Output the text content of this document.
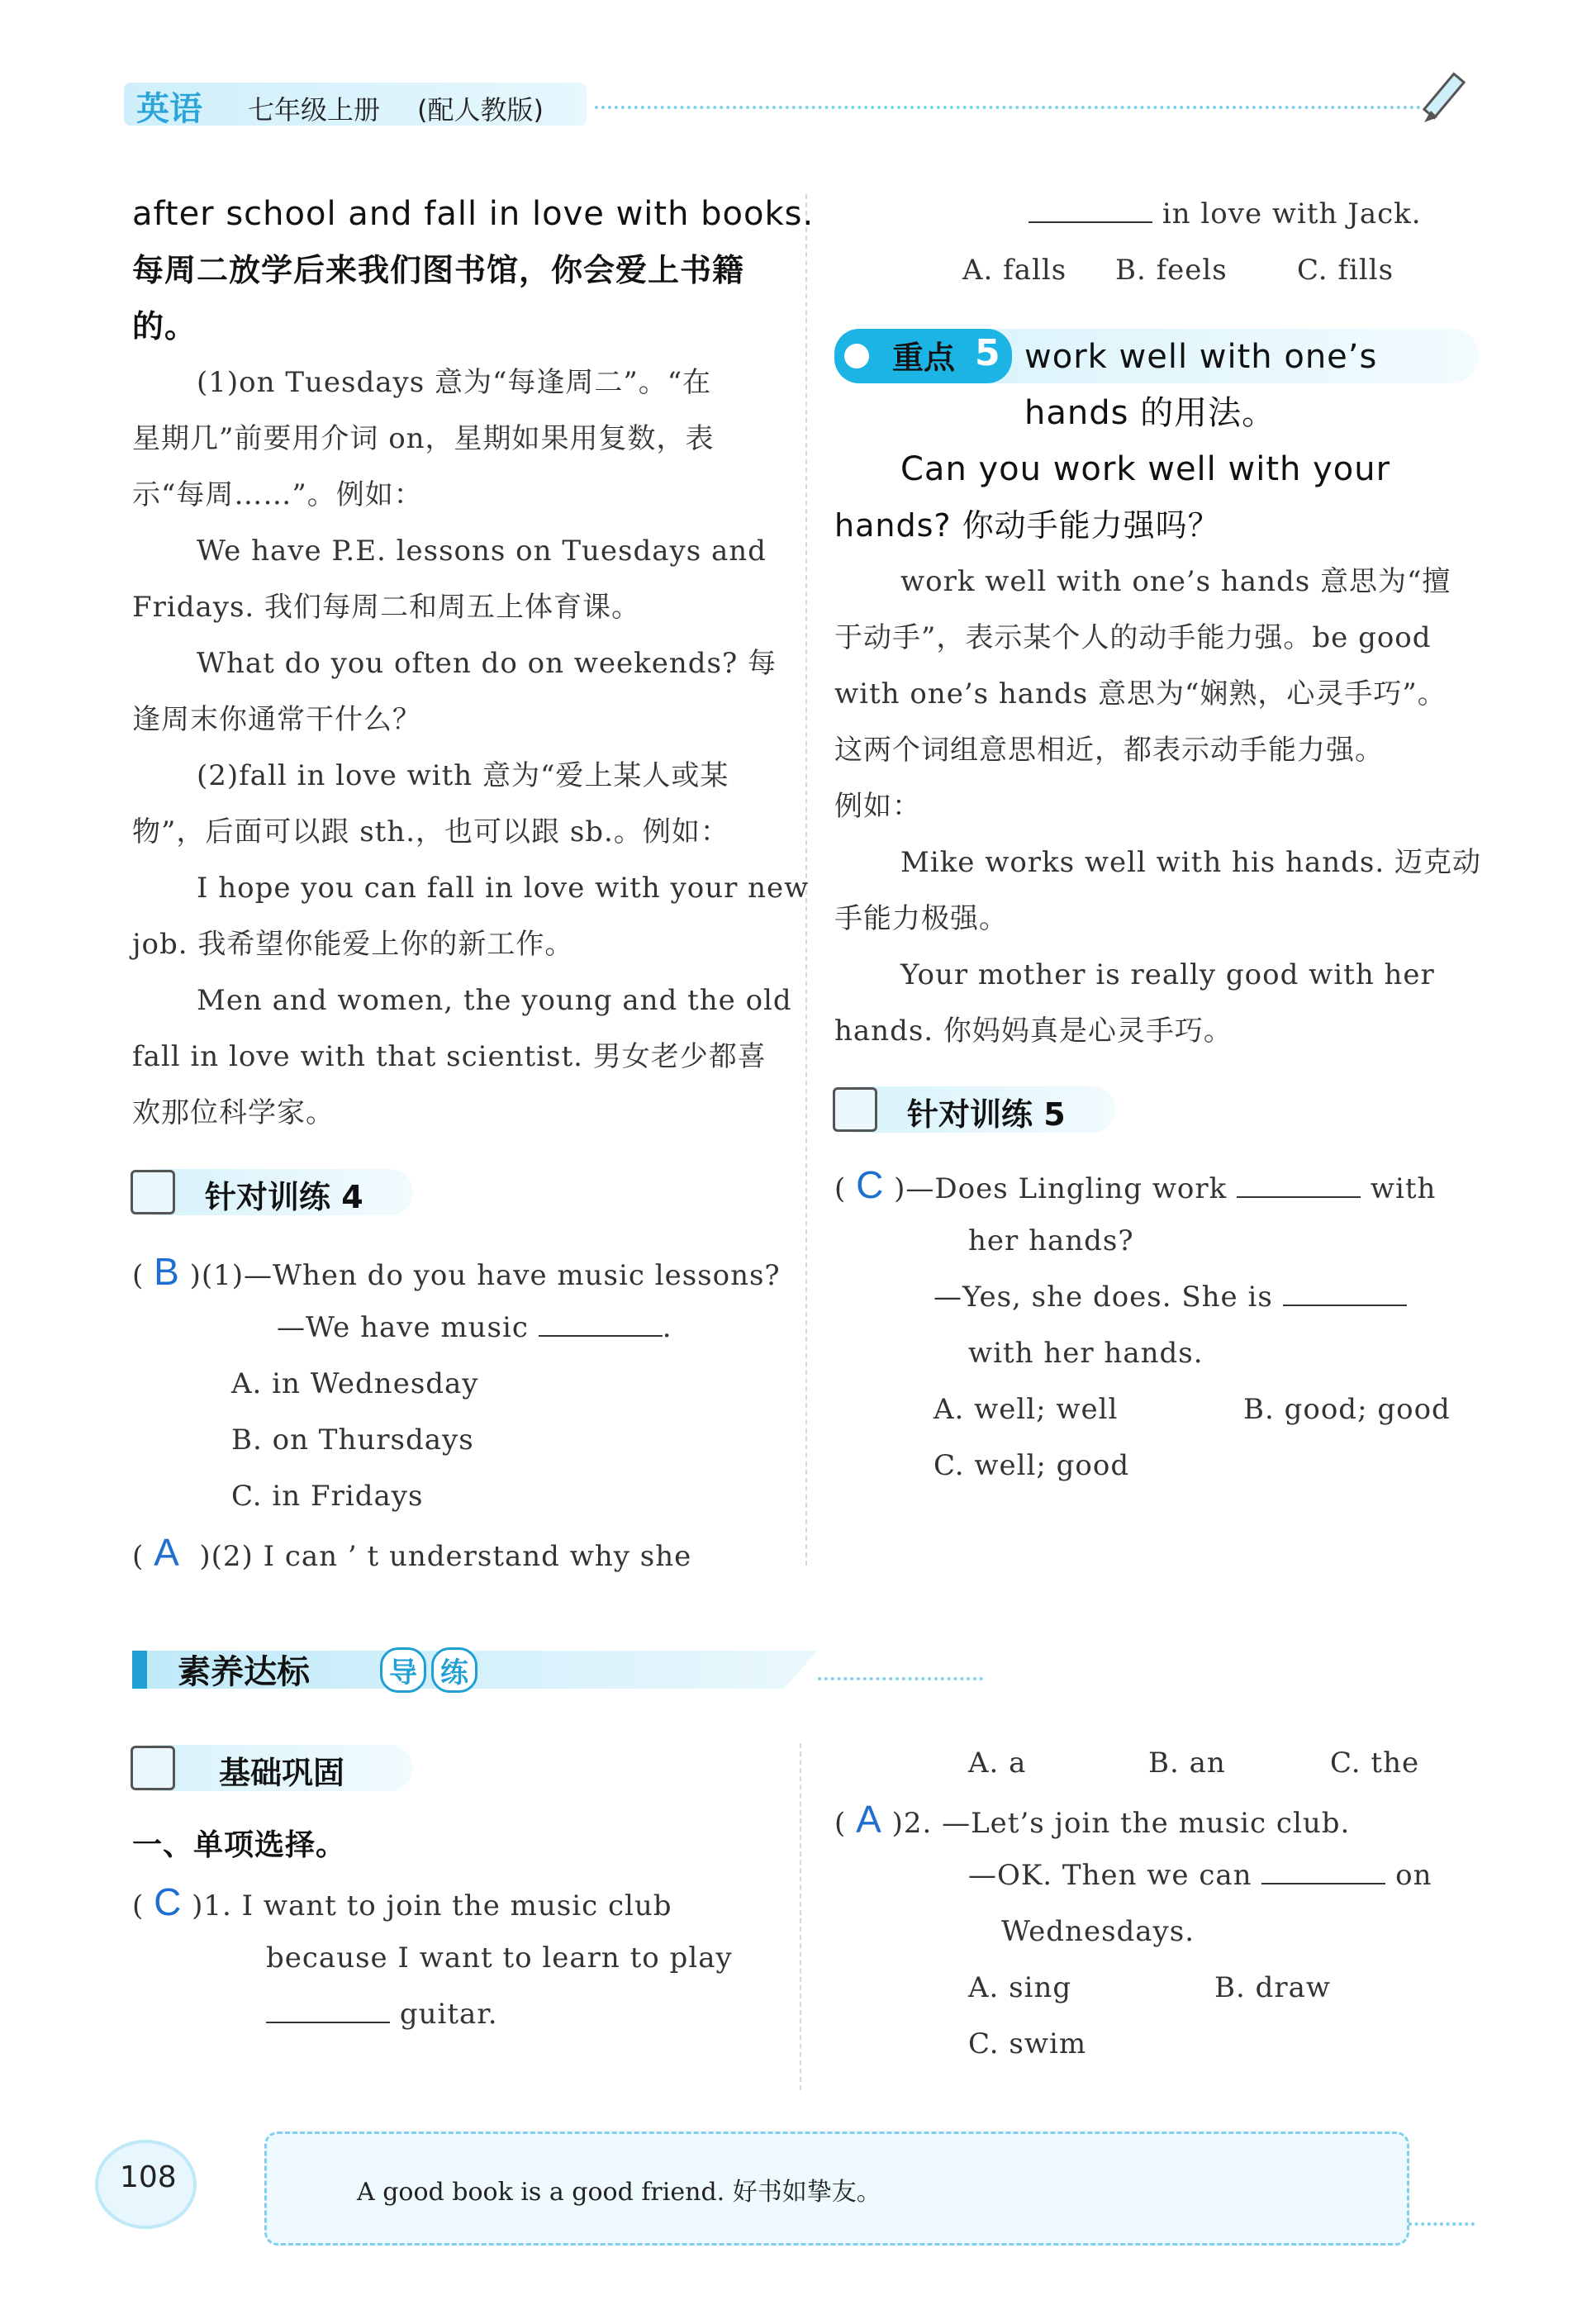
英语 七年级上册 (配人教版)
after school and fall in love with books.
每周二放学后来我们图书馆，你会爱上书籍
的。
(1)on Tuesdays 意为“每逢周二”。“在
星期几”前要用介词 on，星期如果用复数，表
示“每周……”。例如：
We have P.E. lessons on Tuesdays and
Fridays. 我们每周二和周五上体育课。
What do you often do on weekends? 每
逢周末你通常干什么？
(2)fall in love with 意为“爱上某人或某
物”，后面可以跟 sth.，也可以跟 sb.。例如：
I hope you can fall in love with your new
job. 我希望你能爱上你的新工作。
Men and women, the young and the old
fall in love with that scientist. 男女老少都喜
欢那位科学家。
针对训练 4
( B )(1)—When do you have music lessons?
—We have music	.
A. in Wednesday
B. on Thursdays
C. in Fridays
( A )(2) I can ’ t understand why she
in love with Jack.
A. falls B. feels C. fills
重点 5 work well with one’s
hands 的用法。
Can you work well with your
hands? 你动手能力强吗？
work well with one’s hands 意思为“擅
于动手”，表示某个人的动手能力强。be good
with one’s hands 意思为“娴熟，心灵手巧”。
这两个词组意思相近，都表示动手能力强。
例如：
Mike works well with his hands. 迈克动
手能力极强。
Your mother is really good with her
hands. 你妈妈真是心灵手巧。
针对训练 5
( C )—Does Lingling work	with
her hands?
—Yes, she does. She is
with her hands.
A. well; well	B. good; good
C. well; good
素养达标	导 练
基础巩固
一、单项选择。
( C )1. I want to join the music club
because I want to learn to play
guitar.
A. a	B. an	C. the
( A )2. —Let’s join the music club.
—OK. Then we can	on
Wednesdays.
A. sing	B. draw
C. swim
108	A good book is a good friend. 好书如挚友。
